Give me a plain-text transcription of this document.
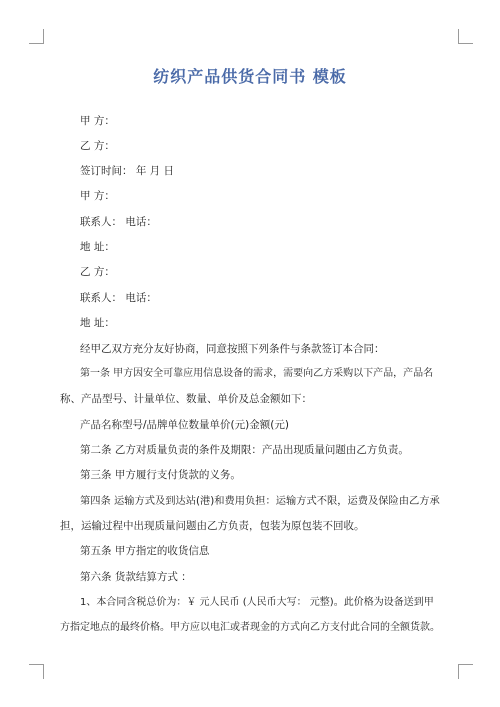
纺织产品供货合同书 模板
甲 方：
乙 方：
签订时间： 年 月 日
甲 方：
联系人： 电话：
地 址：
乙 方：
联系人： 电话：
地 址：
经甲乙双方充分友好协商，同意按照下列条件与条款签订本合同：
第一条 甲方因安全可靠应用信息设备的需求，需要向乙方采购以下产品，产品名
称、产品型号、计量单位、数量、单价及总金额如下：
产品名称型号/品牌单位数量单价(元)金额(元)
第二条 乙方对质量负责的条件及期限：产品出现质量问题由乙方负责。
第三条 甲方履行支付货款的义务。
第四条 运输方式及到达站(港)和费用负担：运输方式不限，运费及保险由乙方承
担，运输过程中出现质量问题由乙方负责，包装为原包装不回收。
第五条 甲方指定的收货信息
第六条 货款结算方式 ：
1、本合同含税总价为：￥ 元人民币 (人民币大写： 元整)。此价格为设备送到甲
方指定地点的最终价格。甲方应以电汇或者现金的方式向乙方支付此合同的全额货款。
